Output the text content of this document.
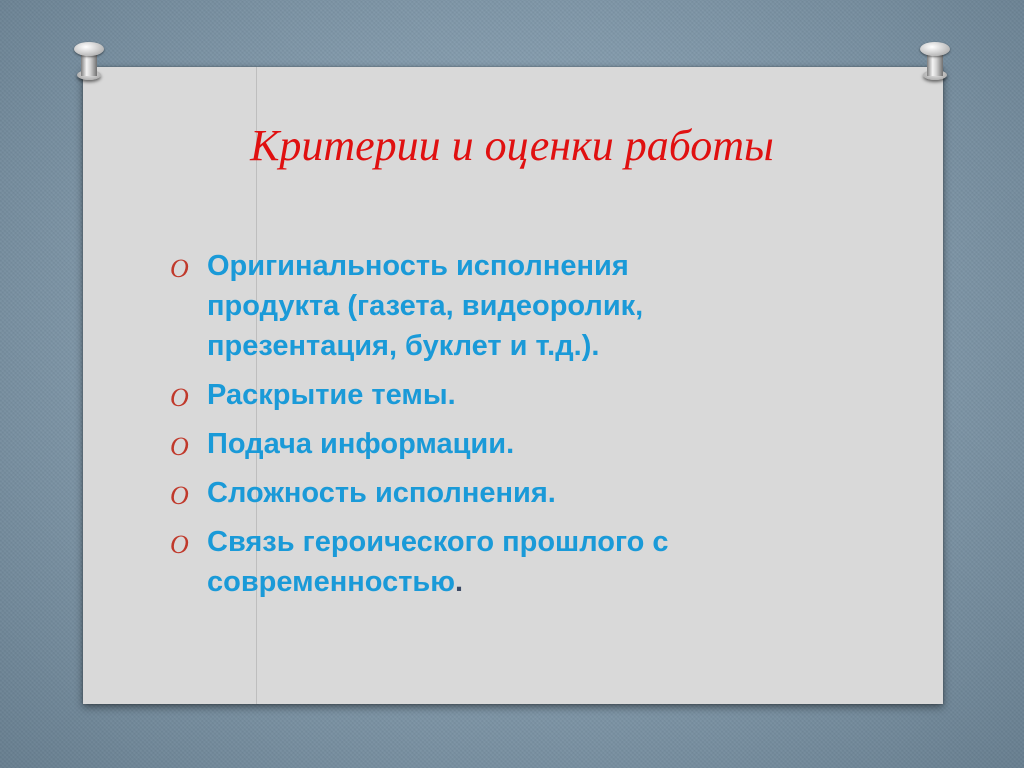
Критерии и оценки работы
O Оригинальность исполнения продукта (газета, видеоролик, презентация, буклет и т.д.).
O Раскрытие темы.
O Подача информации.
O Сложность исполнения.
O Связь героического прошлого с современностью.
